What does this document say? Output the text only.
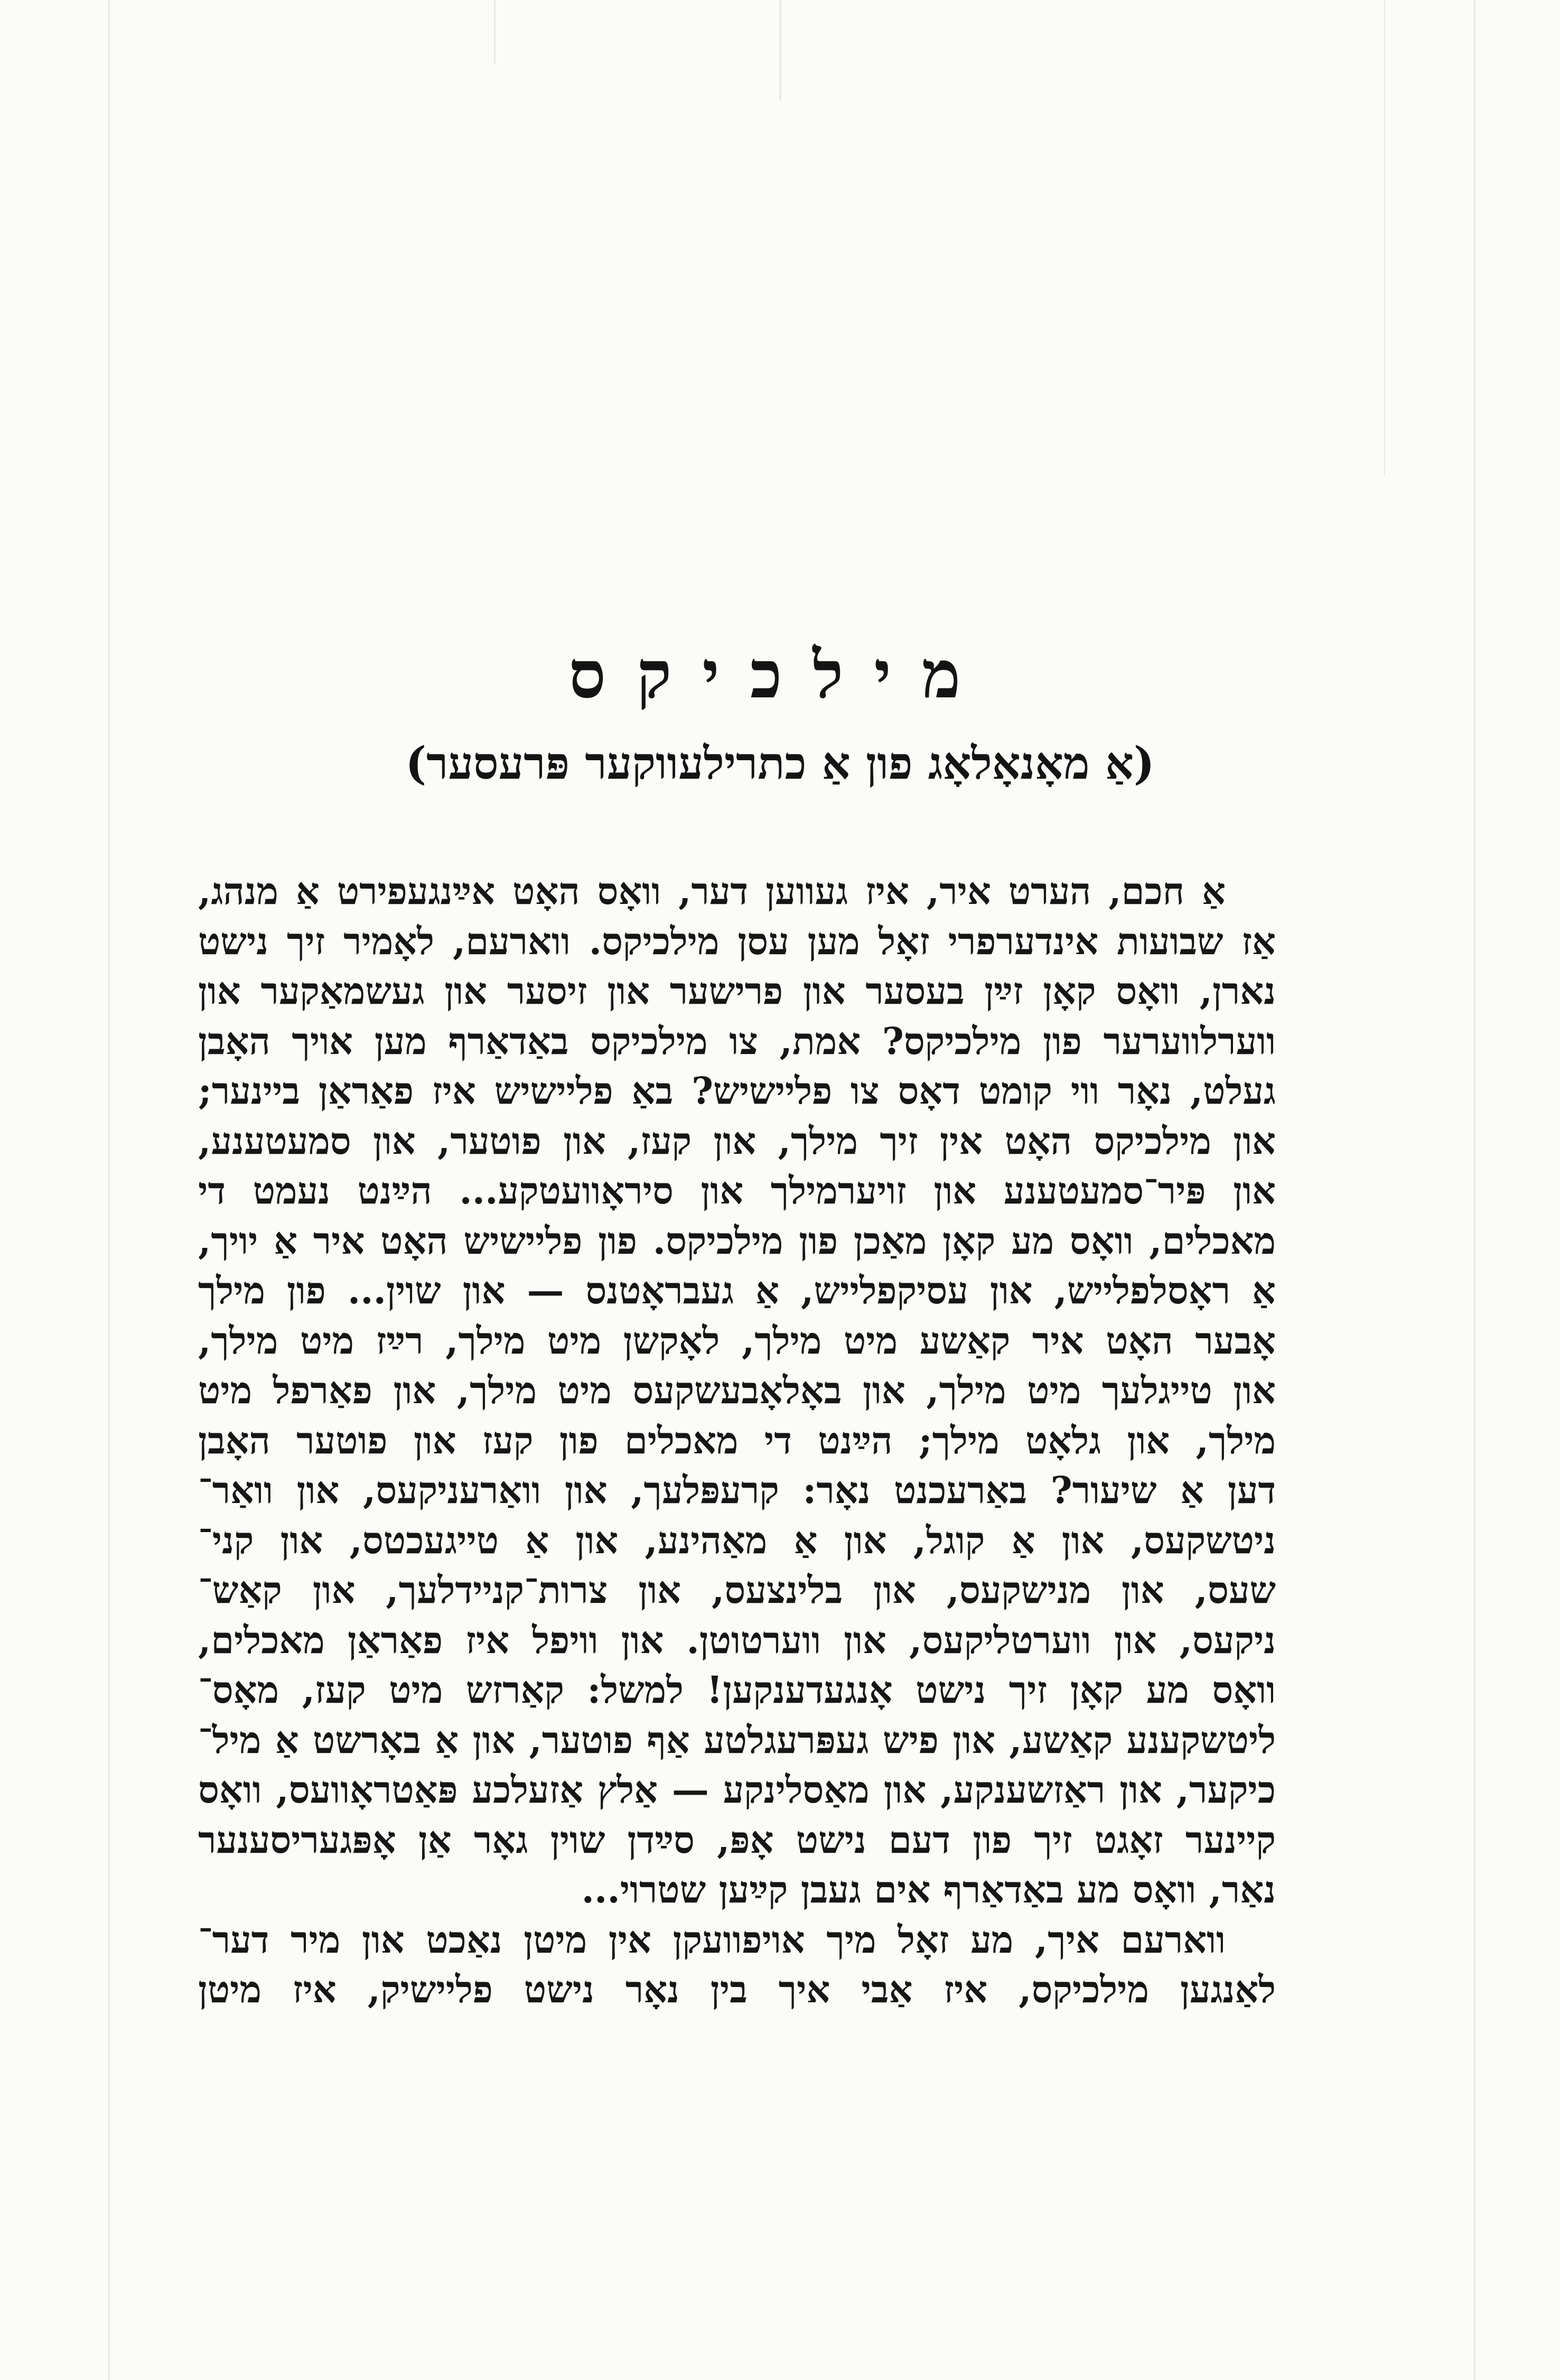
מילכיקס
(אַ מאָנאָלאָג פון אַ כתרילעווקער פּרעסער)
אַ חכם, הערט איר, איז געווען דער, וואָס האָט אײַנגעפירט אַ מנהג,
אַז שבועות אינדערפרי זאָל מען עסן מילכיקס. ווארעם, לאָמיר זיך נישט
נארן, וואָס קאָן זײַן בעסער און פרישער און זיסער און געשמאַקער און
ווערלווערער פון מילכיקס? אמת, צו מילכיקס באַדאַרף מען אויך האָבן
געלט, נאָר ווי קומט דאָס צו פליישיש? באַ פליישיש איז פאַראַן ביינער;
און מילכיקס האָט אין זיך מילך, און קעז, און פוטער, און סמעטענע,
און פּיר־סמעטענע און זויערמילך און סיראָוועטקע... הײַנט נעמט די
מאכלים, וואָס מע קאָן מאַכן פון מילכיקס. פון פליישיש האָט איר אַ יויך,
אַ ראָסלפלייש, און עסיקפלייש, אַ געבראָטנס — און שוין... פון מילך
אָבער האָט איר קאַשע מיט מילך, לאָקשן מיט מילך, רײַז מיט מילך,
און טייגלעך מיט מילך, און באָלאָבעשקעס מיט מילך, און פאַרפל מיט
מילך, און גלאָט מילך; הײַנט די מאכלים פון קעז און פוטער האָבן
דען אַ שיעור? באַרעכנט נאָר: קרעפּלעך, און וואַרעניקעס, און וואַר־
ניטשקעס, און אַ קוגל, און אַ מאַהינע, און אַ טייגעכטס, און קני־
שעס, און מנישקעס, און בלינצעס, און צרות־קניידלעך, און קאַש־
ניקעס, און ווערטליקעס, און ווערטוטן. און וויפל איז פאַראַן מאכלים,
וואָס מע קאָן זיך נישט אָנגעדענקען! למשל: קאַרזש מיט קעז, מאָס־
ליטשקענע קאַשע, און פיש געפּרעגלטע אַף פוטער, און אַ באָרשט אַ מיל־
כיקער, און ראַזשענקע, און מאַסלינקע — אַלץ אַזעלכע פּאַטראָוועס, וואָס
קיינער זאָגט זיך פון דעם נישט אָפּ, סײַדן שוין גאָר אַן אָפּגעריסענער
נאַר, וואָס מע באַדאַרף אים געבן קײַען שטרוי...
ווארעם איך, מע זאָל מיך אויפוועקן אין מיטן נאַכט און מיר דער־
לאַנגען מילכיקס, איז אַבי איך בין נאָר נישט פליישיק, איז מיטן
